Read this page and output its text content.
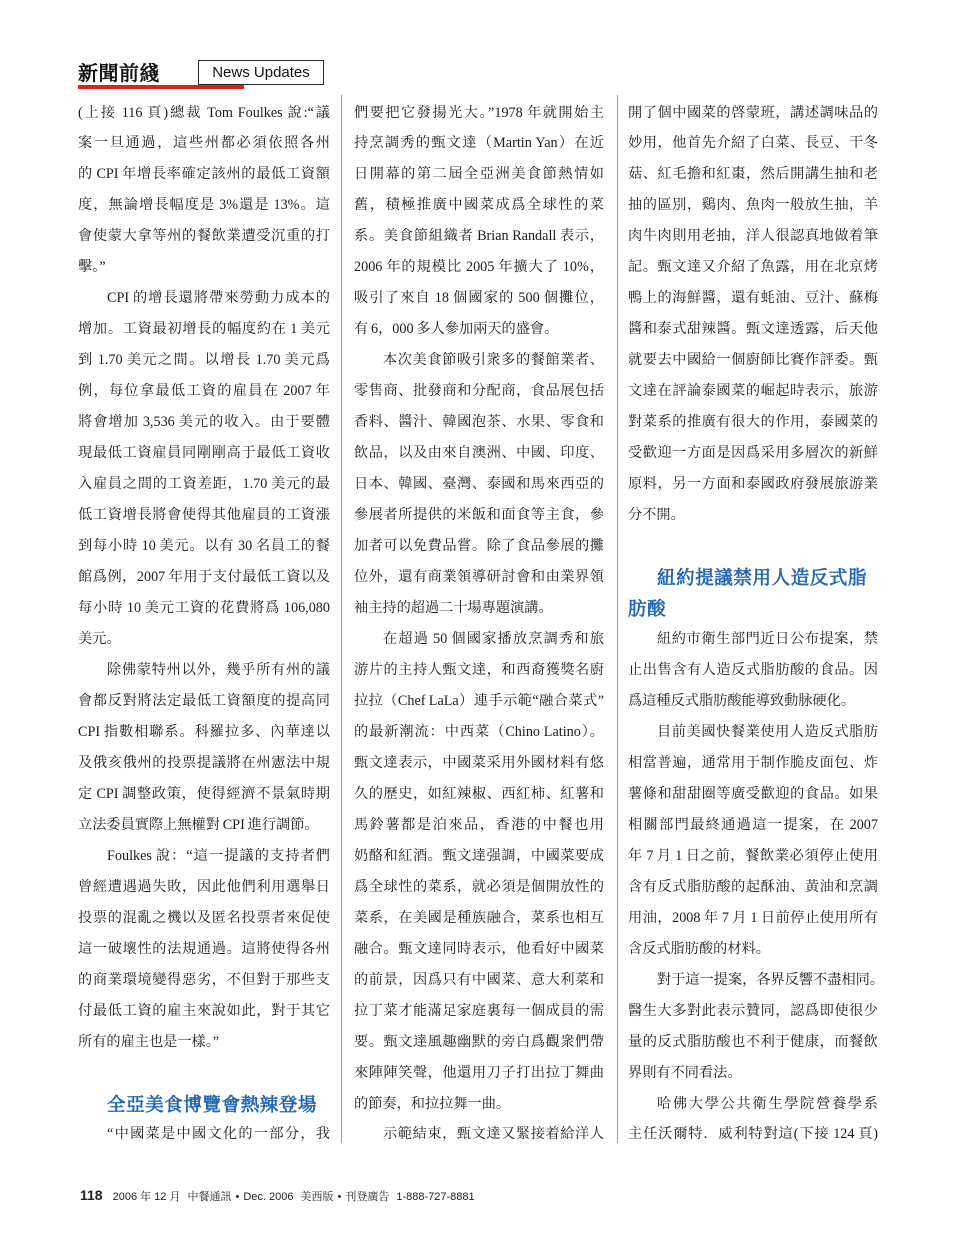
新聞前綫	News Updates
(上接 116 頁)總裁 Tom Foulkes 說:“議
案一旦通過，這些州都必須依照各州
的 CPI 年增長率確定該州的最低工資額
度，無論增長幅度是 3%還是 13%。這
會使蒙大拿等州的餐飲業遭受沉重的打
擊。”
CPI 的增長還將帶來勞動力成本的
增加。工資最初增長的幅度約在 1 美元
到 1.70 美元之間。以增長 1.70 美元爲
例，每位拿最低工資的雇員在 2007 年
將會增加 3,536 美元的收入。由于要體
現最低工資雇員同剛剛高于最低工資收
入雇員之間的工資差距，1.70 美元的最
低工資增長將會使得其他雇員的工資漲
到每小時 10 美元。以有 30 名員工的餐
館爲例，2007 年用于支付最低工資以及
每小時 10 美元工資的花費將爲 106,080
美元。
除佛蒙特州以外，幾乎所有州的議
會都反對將法定最低工資額度的提高同
CPI 指數相聯系。科羅拉多、內華達以
及俄亥俄州的投票提議將在州憲法中規
定 CPI 調整政策，使得經濟不景氣時期
立法委員實際上無權對 CPI 進行調節。
Foulkes 說：“這一提議的支持者們
曾經遭遇過失敗，因此他們利用選舉日
投票的混亂之機以及匿名投票者來促使
這一破壞性的法規通過。這將使得各州
的商業環境變得惡劣，不但對于那些支
付最低工資的雇主來說如此，對于其它
所有的雇主也是一樣。”
全亞美食博覽會熱辣登場
“中國菜是中國文化的一部分，我
們要把它發揚光大。”1978 年就開始主
持烹調秀的甄文達（Martin Yan）在近
日開幕的第二屆全亞洲美食節熱情如
舊，積極推廣中國菜成爲全球性的菜
系。美食節組織者 Brian Randall 表示，
2006 年的規模比 2005 年擴大了 10%，
吸引了來自 18 個國家的 500 個攤位，
有 6，000 多人參加兩天的盛會。
本次美食節吸引衆多的餐館業者、
零售商、批發商和分配商，食品展包括
香料、醬汁、韓國泡茶、水果、零食和
飲品，以及由來自澳洲、中國、印度、
日本、韓國、臺灣、泰國和馬來西亞的
參展者所提供的米飯和面食等主食，參
加者可以免費品嘗。除了食品參展的攤
位外，還有商業領導研討會和由業界領
袖主持的超過二十場專題演講。
在超過 50 個國家播放烹調秀和旅
游片的主持人甄文達，和西裔獲獎名廚
拉拉（Chef LaLa）連手示範“融合菜式”
的最新潮流：中西菜（Chino Latino）。
甄文達表示，中國菜采用外國材料有悠
久的歷史，如紅辣椒、西紅柿、紅薯和
馬鈴薯都是泊來品，香港的中餐也用
奶酪和紅酒。甄文達强調，中國菜要成
爲全球性的菜系，就必須是個開放性的
菜系，在美國是種族融合，菜系也相互
融合。甄文達同時表示，他看好中國菜
的前景，因爲只有中國菜、意大利菜和
拉丁菜才能滿足家庭裏每一個成員的需
要。甄文達風趣幽默的旁白爲觀衆們帶
來陣陣笑聲，他還用刀子打出拉丁舞曲
的節奏，和拉拉舞一曲。
示範結束，甄文達又緊接着給洋人
開了個中國菜的啓蒙班，講述調味品的
妙用，他首先介紹了白菜、長豆、干冬
菇、紅毛擔和紅棗，然后開講生抽和老
抽的區別，鷄肉、魚肉一般放生抽，羊
肉牛肉則用老抽，洋人很認真地做着筆
記。甄文達又介紹了魚露，用在北京烤
鴨上的海鮮醬，還有蚝油、豆汁、蘇梅
醬和泰式甜辣醬。甄文達透露，后天他
就要去中國給一個廚師比賽作評委。甄
文達在評論泰國菜的崛起時表示，旅游
對菜系的推廣有很大的作用，泰國菜的
受歡迎一方面是因爲采用多層次的新鮮
原料，另一方面和泰國政府發展旅游業
分不開。
紐約提議禁用人造反式脂
肪酸
紐約市衛生部門近日公布提案，禁
止出售含有人造反式脂肪酸的食品。因
爲這種反式脂肪酸能導致動脉硬化。
目前美國快餐業使用人造反式脂肪
相當普遍，通常用于制作脆皮面包、炸
薯條和甜甜圈等廣受歡迎的食品。如果
相關部門最終通過這一提案，在 2007
年 7 月 1 日之前，餐飲業必須停止使用
含有反式脂肪酸的起酥油、黃油和烹調
用油，2008 年 7 月 1 日前停止使用所有
含反式脂肪酸的材料。
對于這一提案，各界反響不盡相同。
醫生大多對此表示贊同，認爲即使很少
量的反式脂肪酸也不利于健康，而餐飲
界則有不同看法。
哈佛大學公共衛生學院營養學系
主任沃爾特．威利特對這(下接 124 頁)
118 2006 年 12 月 中餐通訊 • Dec. 2006 美西版 • 刊登廣告 1-888-727-8881
